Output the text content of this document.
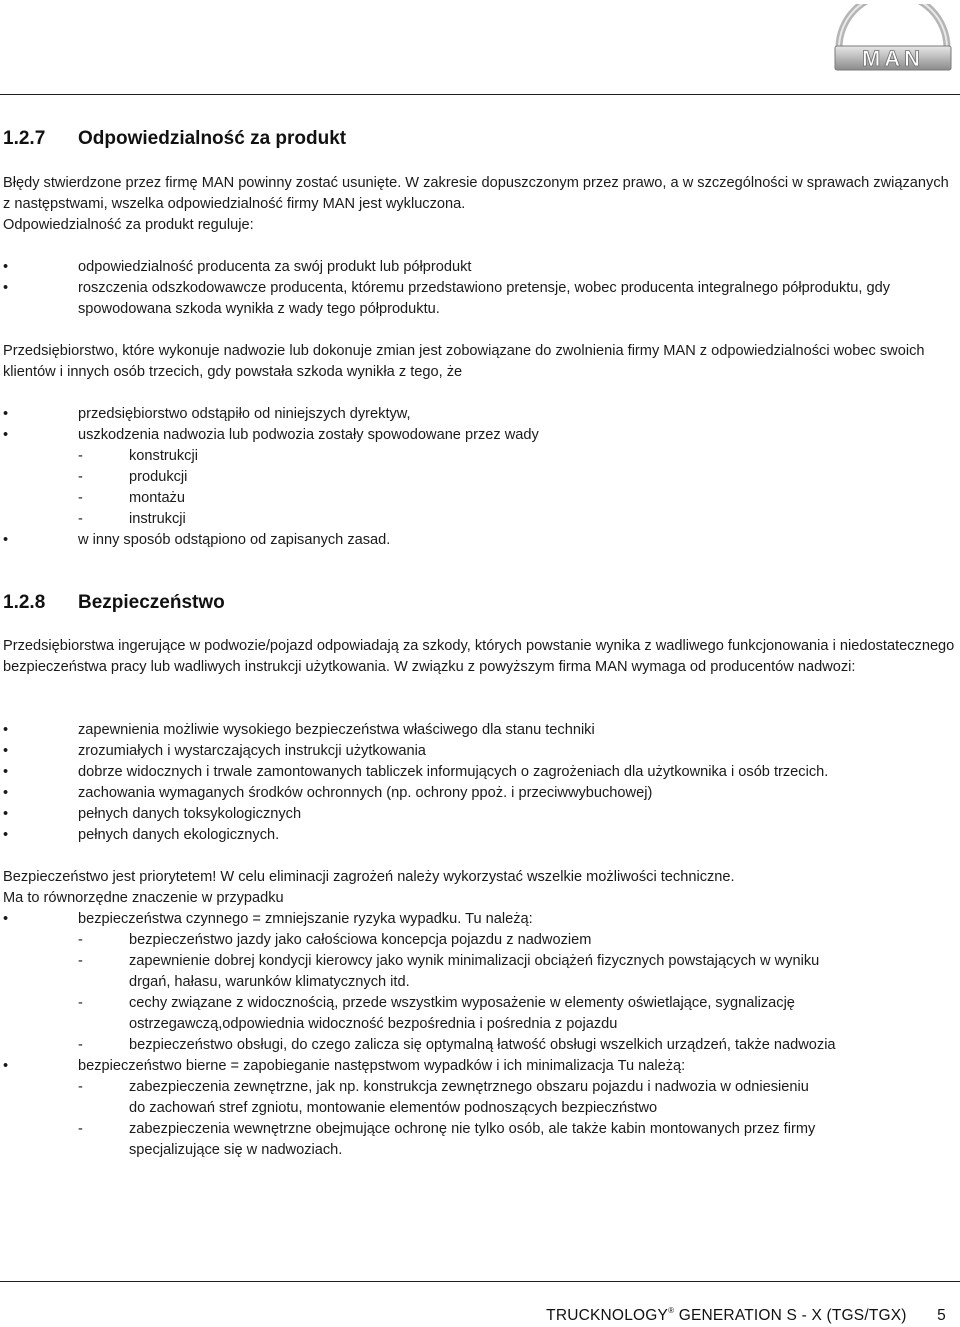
MAN
1.2.7 Odpowiedzialność za produkt

Błędy stwierdzone przez firmę MAN powinny zostać usunięte. W zakresie dopuszczonym przez prawo, a w szczególności w sprawach związanych z następstwami, wszelka odpowiedzialność firmy MAN jest wykluczona.

Odpowiedzialność za produkt reguluje:

•	odpowiedzialność producenta za swój produkt lub półprodukt
•	roszczenia odszkodowawcze producenta, któremu przedstawiono pretensje, wobec producenta integralnego półproduktu, gdy spowodowana szkoda wynikła z wady tego półproduktu.

Przedsiębiorstwo, które wykonuje nadwozie lub dokonuje zmian jest zobowiązane do zwolnienia firmy MAN z odpowiedzialności wobec swoich klientów i innych osób trzecich, gdy powstała szkoda wynikła z tego, że

•	przedsiębiorstwo odstąpiło od niniejszych dyrektyw,
•	uszkodzenia nadwozia lub podwozia zostały spowodowane przez wady
-	konstrukcji
-	produkcji
-	montażu
-	instrukcji
•	w inny sposób odstąpiono od zapisanych zasad.
1.2.8 Bezpieczeństwo

Przedsiębiorstwa ingerujące w podwozie/pojazd odpowiadają za szkody, których powstanie wynika z wadliwego funkcjonowania i niedostatecznego bezpieczeństwa pracy lub wadliwych instrukcji użytkowania. W związku z powyższym firma MAN wymaga od producentów nadwozi:

•	zapewnienia możliwie wysokiego bezpieczeństwa właściwego dla stanu techniki
•	zrozumiałych i wystarczających instrukcji użytkowania
•	dobrze widocznych i trwale zamontowanych tabliczek informujących o zagrożeniach dla użytkownika i osób trzecich.
•	zachowania wymaganych środków ochronnych (np. ochrony ppoż. i przeciwwybuchowej)
•	pełnych danych toksykologicznych
•	pełnych danych ekologicznych.

Bezpieczeństwo jest priorytetem! W celu eliminacji zagrożeń należy wykorzystać wszelkie możliwości techniczne.

Ma to równorzędne znaczenie w przypadku

•	bezpieczeństwa czynnego = zmniejszanie ryzyka wypadku. Tu należą:
-	bezpieczeństwo jazdy jako całościowa koncepcja pojazdu z nadwoziem
-	zapewnienie dobrej kondycji kierowcy jako wynik minimalizacji obciążeń fizycznych powstających w wyniku drgań, hałasu, warunków klimatycznych itd.
-	cechy związane z widocznością, przede wszystkim wyposażenie w elementy oświetlające, sygnalizację ostrzegawczą,odpowiednia widoczność bezpośrednia i pośrednia z pojazdu
-	bezpieczeństwo obsługi, do czego zalicza się optymalną łatwość obsługi wszelkich urządzeń, także nadwozia
•	bezpieczeństwo bierne = zapobieganie następstwom wypadków i ich minimalizacja Tu należą:
-	zabezpieczenia zewnętrzne, jak np. konstrukcja zewnętrznego obszaru pojazdu i nadwozia w odniesieniu do zachowań stref zgniotu, montowanie elementów podnoszących bezpieczństwo
-	zabezpieczenia wewnętrzne obejmujące ochronę nie tylko osób, ale także kabin montowanych przez firmy specjalizujące się w nadwoziach.
TRUCKNOLOGY® GENERATION S - X (TGS/TGX) 5
